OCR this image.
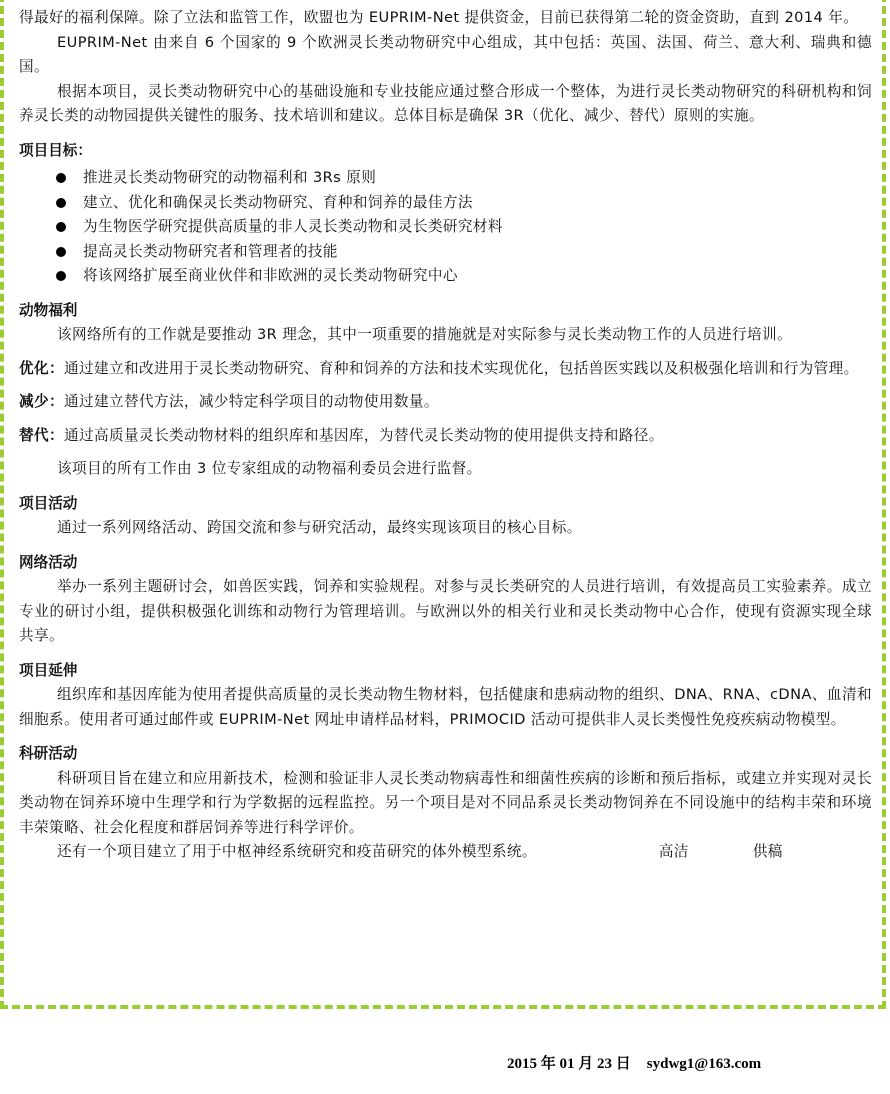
得最好的福利保障。除了立法和监管工作，欧盟也为 EUPRIM-Net 提供资金，目前已获得第二轮的资金资助，直到 2014 年。

EUPRIM-Net 由来自 6 个国家的 9 个欧洲灵长类动物研究中心组成，其中包括：英国、法国、荷兰、意大利、瑞典和德国。

根据本项目，灵长类动物研究中心的基础设施和专业技能应通过整合形成一个整体，为进行灵长类动物研究的科研机构和饲养灵长类的动物园提供关键性的服务、技术培训和建议。总体目标是确保 3R（优化、减少、替代）原则的实施。

项目目标：
推进灵长类动物研究的动物福利和 3Rs 原则
建立、优化和确保灵长类动物研究、育种和饲养的最佳方法
为生物医学研究提供高质量的非人灵长类动物和灵长类研究材料
提高灵长类动物研究者和管理者的技能
将该网络扩展至商业伙伴和非欧洲的灵长类动物研究中心
动物福利

该网络所有的工作就是要推动 3R 理念，其中一项重要的措施就是对实际参与灵长类动物工作的人员进行培训。

优化：通过建立和改进用于灵长类动物研究、育种和饲养的方法和技术实现优化，包括兽医实践以及积极强化培训和行为管理。

减少：通过建立替代方法，减少特定科学项目的动物使用数量。

替代：通过高质量灵长类动物材料的组织库和基因库，为替代灵长类动物的使用提供支持和路径。

该项目的所有工作由 3 位专家组成的动物福利委员会进行监督。

项目活动

通过一系列网络活动、跨国交流和参与研究活动，最终实现该项目的核心目标。

网络活动

举办一系列主题研讨会，如兽医实践，饲养和实验规程。对参与灵长类研究的人员进行培训，有效提高员工实验素养。成立专业的研讨小组，提供积极强化训练和动物行为管理培训。与欧洲以外的相关行业和灵长类动物中心合作，使现有资源实现全球共享。

项目延伸

组织库和基因库能为使用者提供高质量的灵长类动物生物材料，包括健康和患病动物的组织、DNA、RNA、cDNA、血清和细胞系。使用者可通过邮件或 EUPRIM-Net 网址申请样品材料，PRIMOCID 活动可提供非人灵长类慢性免疫疾病动物模型。

科研活动

科研项目旨在建立和应用新技术，检测和验证非人灵长类动物病毒性和细菌性疾病的诊断和预后指标，或建立并实现对灵长类动物在饲养环境中生理学和行为学数据的远程监控。另一个项目是对不同品系灵长类动物饲养在不同设施中的结构丰荣和环境丰荣策略、社会化程度和群居饲养等进行科学评价。

还有一个项目建立了用于中枢神经系统研究和疫苗研究的体外模型系统。	高洁	供稿

2015 年 01 月 23 日 sydwg1@163.com
